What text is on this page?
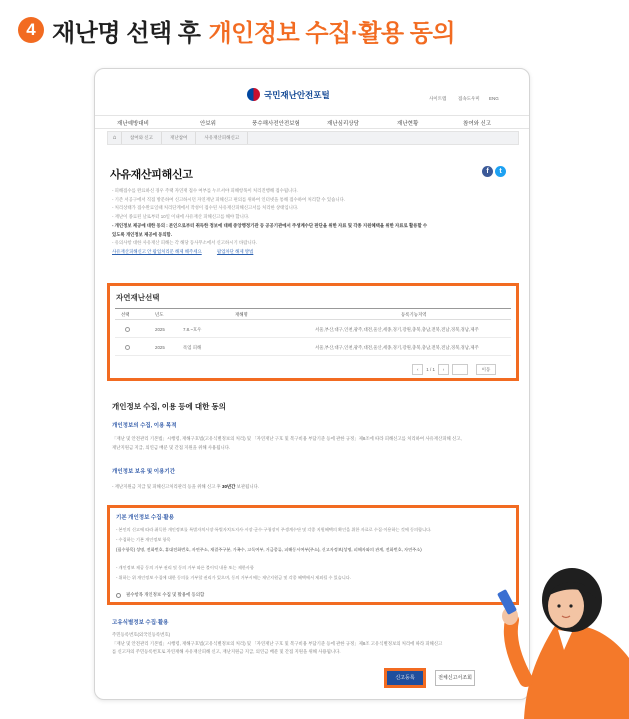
4 재난명 선택 후 개인정보 수집·활용 동의
국민재난안전포털	사이트맵	접속도우미 ENG
재난예방대비	안보위	풍수해사전안전보험	재난심리상담	재난현황	참여와 신고
⌂	참여와 신고	재난참여	사유재산피해신고
사유재산피해신고	f	t

- 피해접수를 완료하신 경우 주택 자연재 접수 여부를 누르셔야 피해항목이 처리진행해 접수됩니다.

- 기존 서공구에서 직접 방문하여 신고하시던 자연재난 피해신고 편의를 위하여 인터넷을 통해 접수하여 처리할 수 있습니다.

- 처리상태가 접수완료일때 처리단계에서 작성이 접수된 사유재산피해신고서를 처리한 상태입니다.

- 재난이 종료된 날로부터 10일 이내에 사유재산 피해신고를 해야 합니다.

- 개인정보 제공에 대한 동의 : 본인으로부터 취득한 정보에 대해 중앙행정기관 등 공공기관에서 주생계수단 판단을 위한 자료 및 각종 지원혜택을 위한 자료로 활용할 수

있도록 개인정보 제공에 동의함.

- 유의사항 대한 사유재산 피해는 각 해당 동사무소에서 신고하시기 바랍니다.

사유재산피해신고 안 팝업처리문 해제 해주세요	팝업차단 해제 방법
자연재난선택
선택	년도	재해명	등록기능지역
2025	7.8.~호우	서울,부산,대구,인천,광주,대전,울산,세종,경기,강원,충북,충남,전북,전남,경북,경남,제주
2025	폭염 피해	서울,부산,대구,인천,광주,대전,울산,세종,경기,강원,충북,충남,전북,전남,경북,경남,제주
‹	1 / 1	›	이동
개인정보 수집, 이용 등에 대한 동의
개인정보의 수집, 이용 목적
「재난 및 안전관리 기본법」시행령, 재해구호법(고유식별정보의 처리) 및 「자연재난 구호 및 복구비용 부담기준 등에 관한 규정」제8조에 따라 피해신고를 처리하여 사유재산피해 신고,
재난지원금 지급, 의연금 배분 및 간접 지원을 위해 사용됩니다.
개인정보 보유 및 이용기간
- 재난지원금 지급 및 피해신고처리관리 등을 위해 신고 후 30년간 보관됩니다.
기본 개인정보 수집·활용
- 본인의 신고에 따라 취득한 개인정보를 특별자치시장·특별자치도지사·시장·군수·구청장이 주생계수단 및 각종 지원혜택의 확인을 위한 자료로 수집·이용하는 것에 동의합니다.
- 수집하는 기본 개인정보 항목
(필수항목) 성명, 전화번호, 휴대전화번호, 자연주소, 재결주구분, 가족수, 고독여부, 거금종류, 피해동시여부(주소), 신고자정보(성명, 피해자와의 관계, 전화번호, 자연주소)
- 개인정보 제공 동의 거부 권리 및 동의 거부 따른 불이익 내용 또는 제한사항
- 위하는 위 개인정보 수집에 대한 동의를 거부할 권리가 있으며, 동의 거부시에는 재난지원금 및 각종 혜택에서 제외될 수 있습니다.
필수항목 개인정보 수집 및 활용에 동의함
고유식별정보 수집·활용
주민등록번호(외국인등록번호)
「재난 및 안전관리 기본법」시행령, 재해구호법(고유식별정보의 처리) 및 「자연재난 구호 및 복구비용 부담기준 등에 관한 규정」제8조 고유식별정보의 처리에 따라 피해신고
를 신고자의 주민등록번호로 자연재해 사유재산피해 신고, 재난지원금 지급, 의연금 배분 및 간접 지원을 위해 사용됩니다.
신고등록	전체신고서조회
